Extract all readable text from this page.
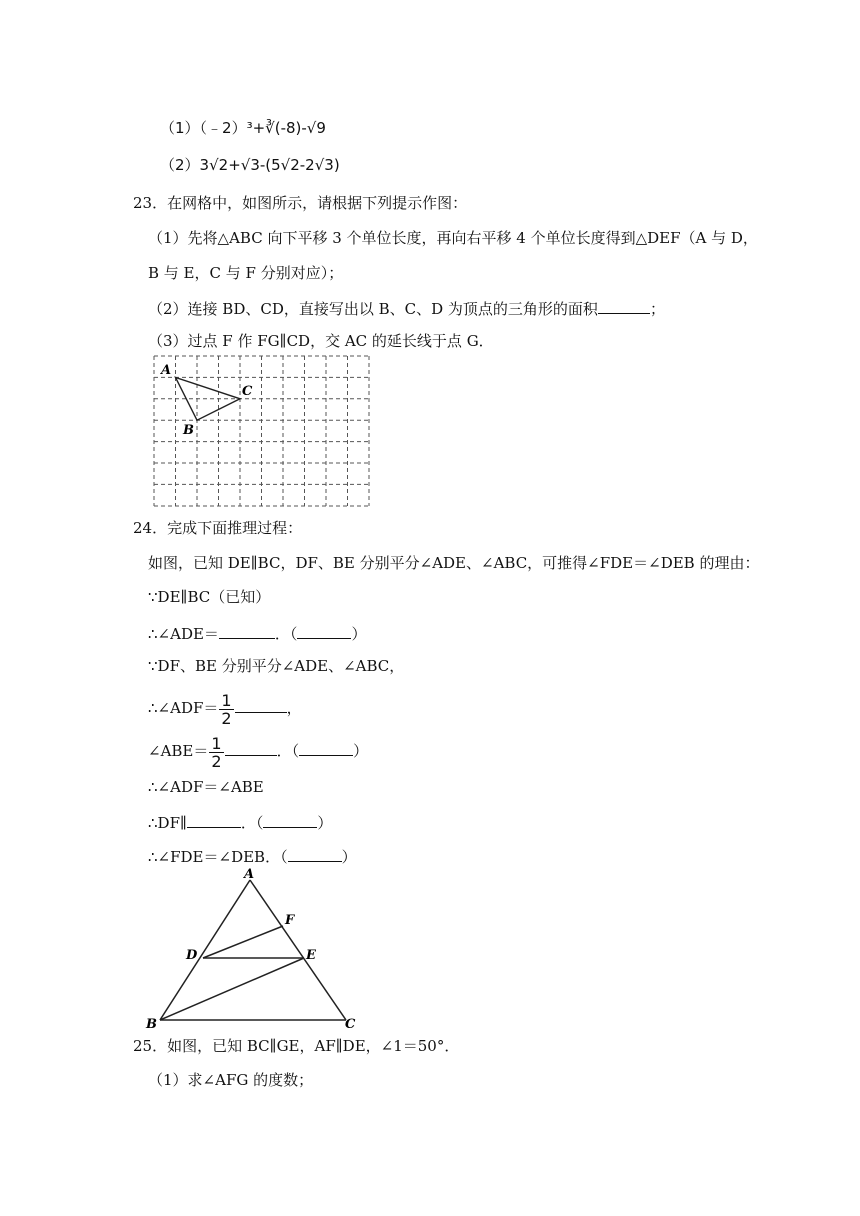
（1）（﹣2）³+∛(-8)-√9
（2）3√2+√3-(5√2-2√3)
23．在网格中，如图所示，请根据下列提示作图：
（1）先将△ABC 向下平移 3 个单位长度，再向右平移 4 个单位长度得到△DEF（A 与 D，
B 与 E，C 与 F 分别对应）；
（2）连接 BD、CD，直接写出以 B、C、D 为顶点的三角形的面积	；
（3）过点 F 作 FG∥CD，交 AC 的延长线于点 G．
A
B
C
24．完成下面推理过程：
如图，已知 DE∥BC，DF、BE 分别平分∠ADE、∠ABC，可推得∠FDE＝∠DEB 的理由：
∵DE∥BC（已知）
∴∠ADE＝	．（	）
∵DF、BE 分别平分∠ADE、∠ABC，
∴∠ADF＝ $\frac{1}{2}$	，
∠ABE＝ $\frac{1}{2}$	．（	）
∴∠ADF＝∠ABE
∴DF∥	．（	）
∴∠FDE＝∠DEB．（	）
A
F
D	E
B	C
25．如图，已知 BC∥GE，AF∥DE，∠1＝50°．
（1）求∠AFG 的度数；
